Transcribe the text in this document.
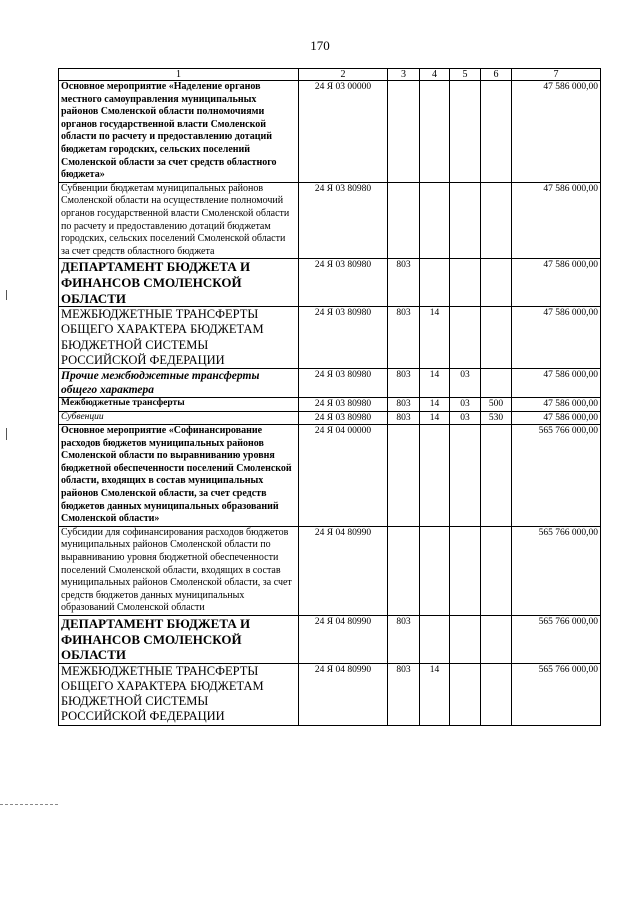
170
1	2	3	4	5	6	7
Основное мероприятие «Наделение органов местного самоуправления муниципальных районов Смоленской области полномочиями органов государственной власти Смоленской области по расчету и предоставлению дотаций бюджетам городских, сельских поселений Смоленской области за счет средств областного бюджета»	24 Я 03 00000					47 586 000,00
Субвенции бюджетам муниципальных районов Смоленской области на осуществление полномочий органов государственной власти Смоленской области по расчету и предоставлению дотаций бюджетам городских, сельских поселений Смоленской области за счет средств областного бюджета	24 Я 03 80980					47 586 000,00
ДЕПАРТАМЕНТ БЮДЖЕТА И ФИНАНСОВ СМОЛЕНСКОЙ ОБЛАСТИ	24 Я 03 80980	803				47 586 000,00
МЕЖБЮДЖЕТНЫЕ ТРАНСФЕРТЫ ОБЩЕГО ХАРАКТЕРА БЮДЖЕТАМ БЮДЖЕТНОЙ СИСТЕМЫ РОССИЙСКОЙ ФЕДЕРАЦИИ	24 Я 03 80980	803	14			47 586 000,00
Прочие межбюджетные трансферты общего характера	24 Я 03 80980	803	14	03		47 586 000,00
Межбюджетные трансферты	24 Я 03 80980	803	14	03	500	47 586 000,00
Субвенции	24 Я 03 80980	803	14	03	530	47 586 000,00
Основное мероприятие «Софинансирование расходов бюджетов муниципальных районов Смоленской области по выравниванию уровня бюджетной обеспеченности поселений Смоленской области, входящих в состав муниципальных районов Смоленской области, за счет средств бюджетов данных муниципальных образований Смоленской области»	24 Я 04 00000					565 766 000,00
Субсидии для софинансирования расходов бюджетов муниципальных районов Смоленской области по выравниванию уровня бюджетной обеспеченности поселений Смоленской области, входящих в состав муниципальных районов Смоленской области, за счет средств бюджетов данных муниципальных образований Смоленской области	24 Я 04 80990					565 766 000,00
ДЕПАРТАМЕНТ БЮДЖЕТА И ФИНАНСОВ СМОЛЕНСКОЙ ОБЛАСТИ	24 Я 04 80990	803				565 766 000,00
МЕЖБЮДЖЕТНЫЕ ТРАНСФЕРТЫ ОБЩЕГО ХАРАКТЕРА БЮДЖЕТАМ БЮДЖЕТНОЙ СИСТЕМЫ РОССИЙСКОЙ ФЕДЕРАЦИИ	24 Я 04 80990	803	14			565 766 000,00
